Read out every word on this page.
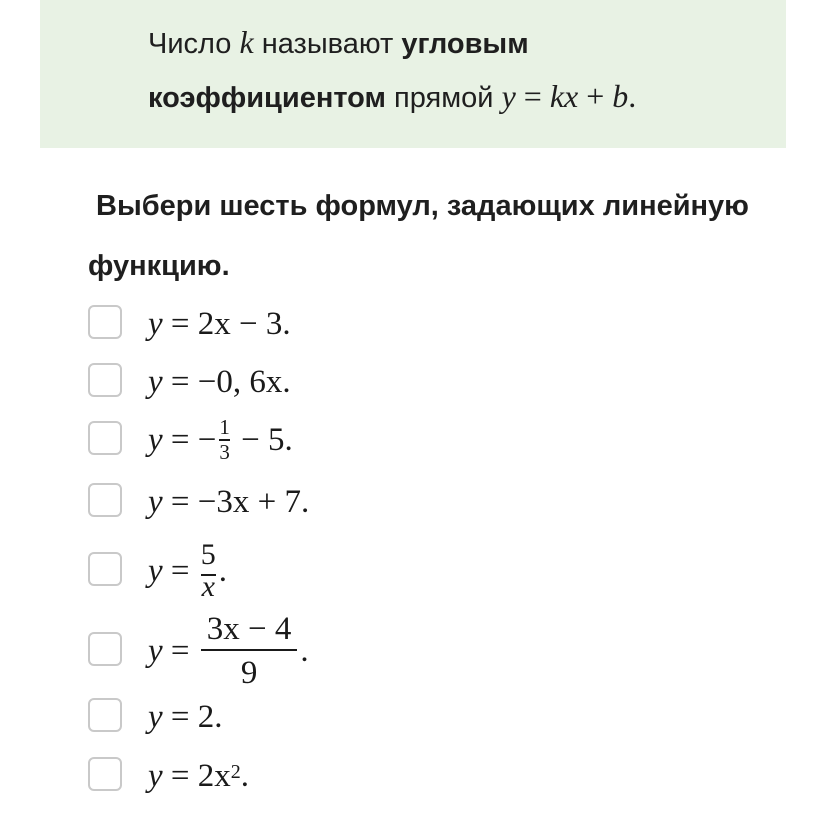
Число k называют угловым
коэффициентом прямой y = kx + b.
Выбери шесть формул, задающих линейную
функцию.
y = 2x − 3.
y = −0, 6x.
y = − $\frac{1}{3} - 5$.
y = −3x + 7.
$y = \frac{5}{x}$ .
$y = \frac{3x - 4}{9}$ .
y = 2.
$y = 2x^2$ .
